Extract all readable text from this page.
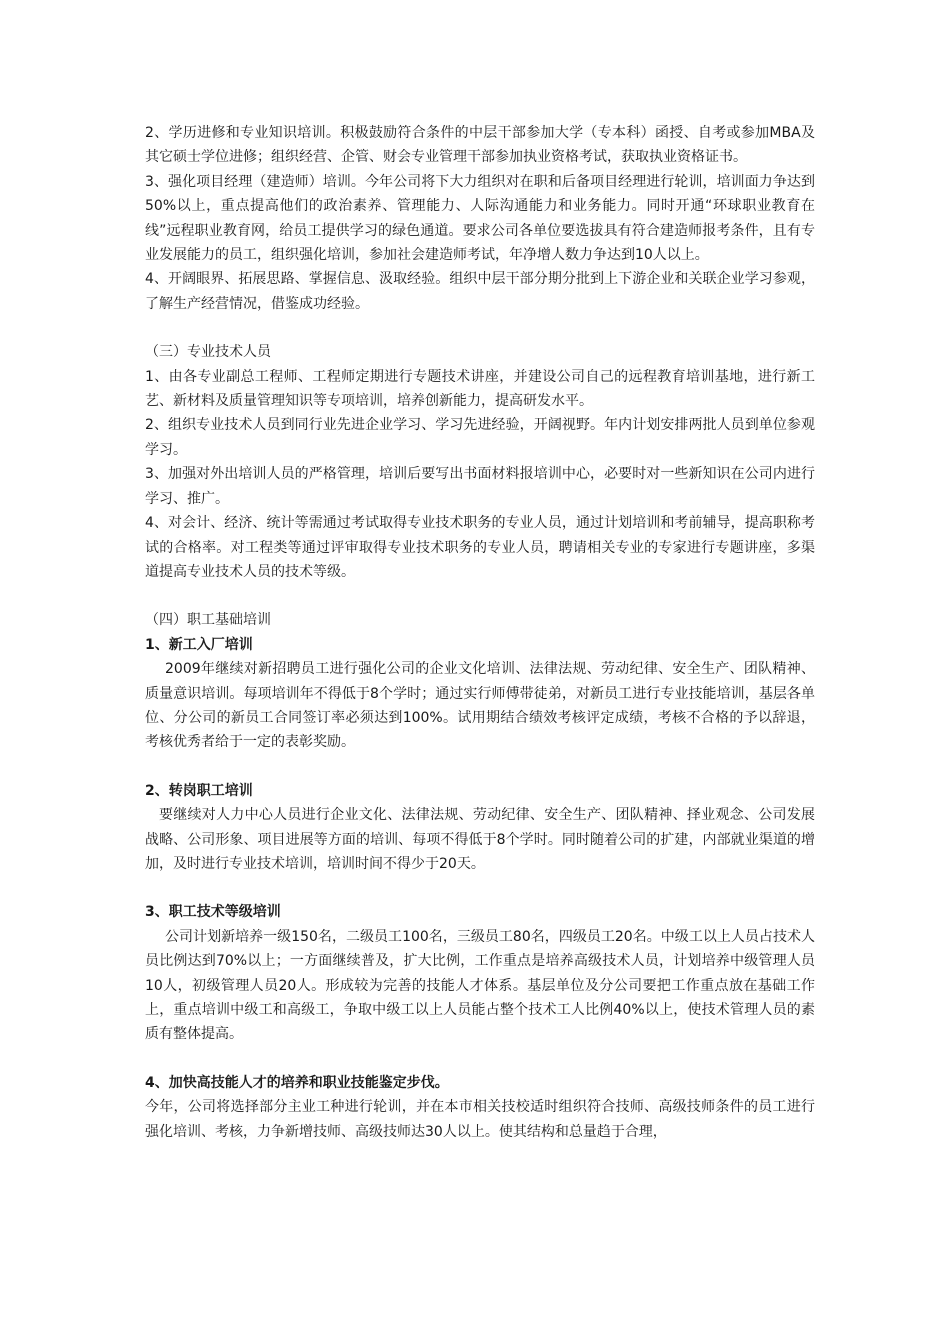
2、学历进修和专业知识培训。积极鼓励符合条件的中层干部参加大学（专本科）函授、自考或参加MBA及其它硕士学位进修；组织经营、企管、财会专业管理干部参加执业资格考试，获取执业资格证书。

3、强化项目经理（建造师）培训。今年公司将下大力组织对在职和后备项目经理进行轮训，培训面力争达到50%以上，重点提高他们的政治素养、管理能力、人际沟通能力和业务能力。同时开通“环球职业教育在线”远程职业教育网，给员工提供学习的绿色通道。要求公司各单位要选拔具有符合建造师报考条件，且有专业发展能力的员工，组织强化培训，参加社会建造师考试，年净增人数力争达到10人以上。

4、开阔眼界、拓展思路、掌握信息、汲取经验。组织中层干部分期分批到上下游企业和关联企业学习参观，了解生产经营情况，借鉴成功经验。

（三）专业技术人员

1、由各专业副总工程师、工程师定期进行专题技术讲座，并建设公司自己的远程教育培训基地，进行新工艺、新材料及质量管理知识等专项培训，培养创新能力，提高研发水平。

2、组织专业技术人员到同行业先进企业学习、学习先进经验，开阔视野。年内计划安排两批人员到单位参观学习。

3、加强对外出培训人员的严格管理，培训后要写出书面材料报培训中心，必要时对一些新知识在公司内进行学习、推广。

4、对会计、经济、统计等需通过考试取得专业技术职务的专业人员，通过计划培训和考前辅导，提高职称考试的合格率。对工程类等通过评审取得专业技术职务的专业人员，聘请相关专业的专家进行专题讲座，多渠道提高专业技术人员的技术等级。

（四）职工基础培训

1、新工入厂培训

2009年继续对新招聘员工进行强化公司的企业文化培训、法律法规、劳动纪律、安全生产、团队精神、质量意识培训。每项培训年不得低于8个学时；通过实行师傅带徒弟，对新员工进行专业技能培训，基层各单位、分公司的新员工合同签订率必须达到100%。试用期结合绩效考核评定成绩，考核不合格的予以辞退，考核优秀者给于一定的表彰奖励。

2、转岗职工培训

要继续对人力中心人员进行企业文化、法律法规、劳动纪律、安全生产、团队精神、择业观念、公司发展战略、公司形象、项目进展等方面的培训、每项不得低于8个学时。同时随着公司的扩建，内部就业渠道的增加，及时进行专业技术培训，培训时间不得少于20天。

3、职工技术等级培训

公司计划新培养一级150名，二级员工100名，三级员工80名，四级员工20名。中级工以上人员占技术人员比例达到70%以上；一方面继续普及，扩大比例，工作重点是培养高级技术人员，计划培养中级管理人员10人，初级管理人员20人。形成较为完善的技能人才体系。基层单位及分公司要把工作重点放在基础工作上，重点培训中级工和高级工，争取中级工以上人员能占整个技术工人比例40%以上，使技术管理人员的素质有整体提高。

4、加快高技能人才的培养和职业技能鉴定步伐。

今年，公司将选择部分主业工种进行轮训，并在本市相关技校适时组织符合技师、高级技师条件的员工进行强化培训、考核，力争新增技师、高级技师达30人以上。使其结构和总量趋于合理，
